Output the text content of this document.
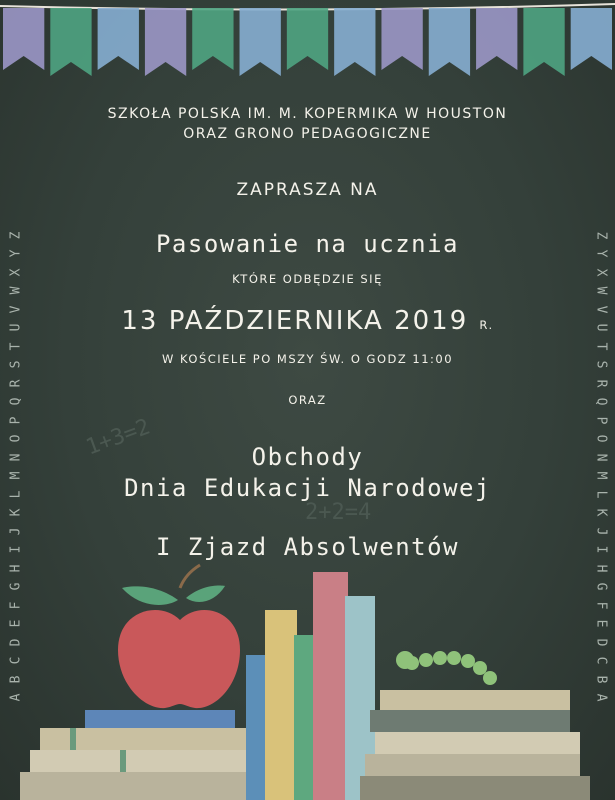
A
B
C
D
E
F
G
H
I
J
K
L
M
N
O
P
Q
R
S
T
U
V
W
X
Y
Z
A
B
C
D
E
F
G
H
I
J
K
L
M
N
O
P
Q
R
S
T
U
V
W
X
Y
Z
1+3=2
2+2=4
SZKOŁA POLSKA IM. M. KOPERMIKA W HOUSTON
ORAZ GRONO PEDAGOGICZNE
ZAPRASZA NA
Pasowanie na ucznia
KTÓRE ODBĘDZIE SIĘ
13 PAŹDZIERNIKA 2019 R.
W KOŚCIELE PO MSZY ŚW. O GODZ 11:00
ORAZ
Obchody
Dnia Edukacji Narodowej
I Zjazd Absolwentów
